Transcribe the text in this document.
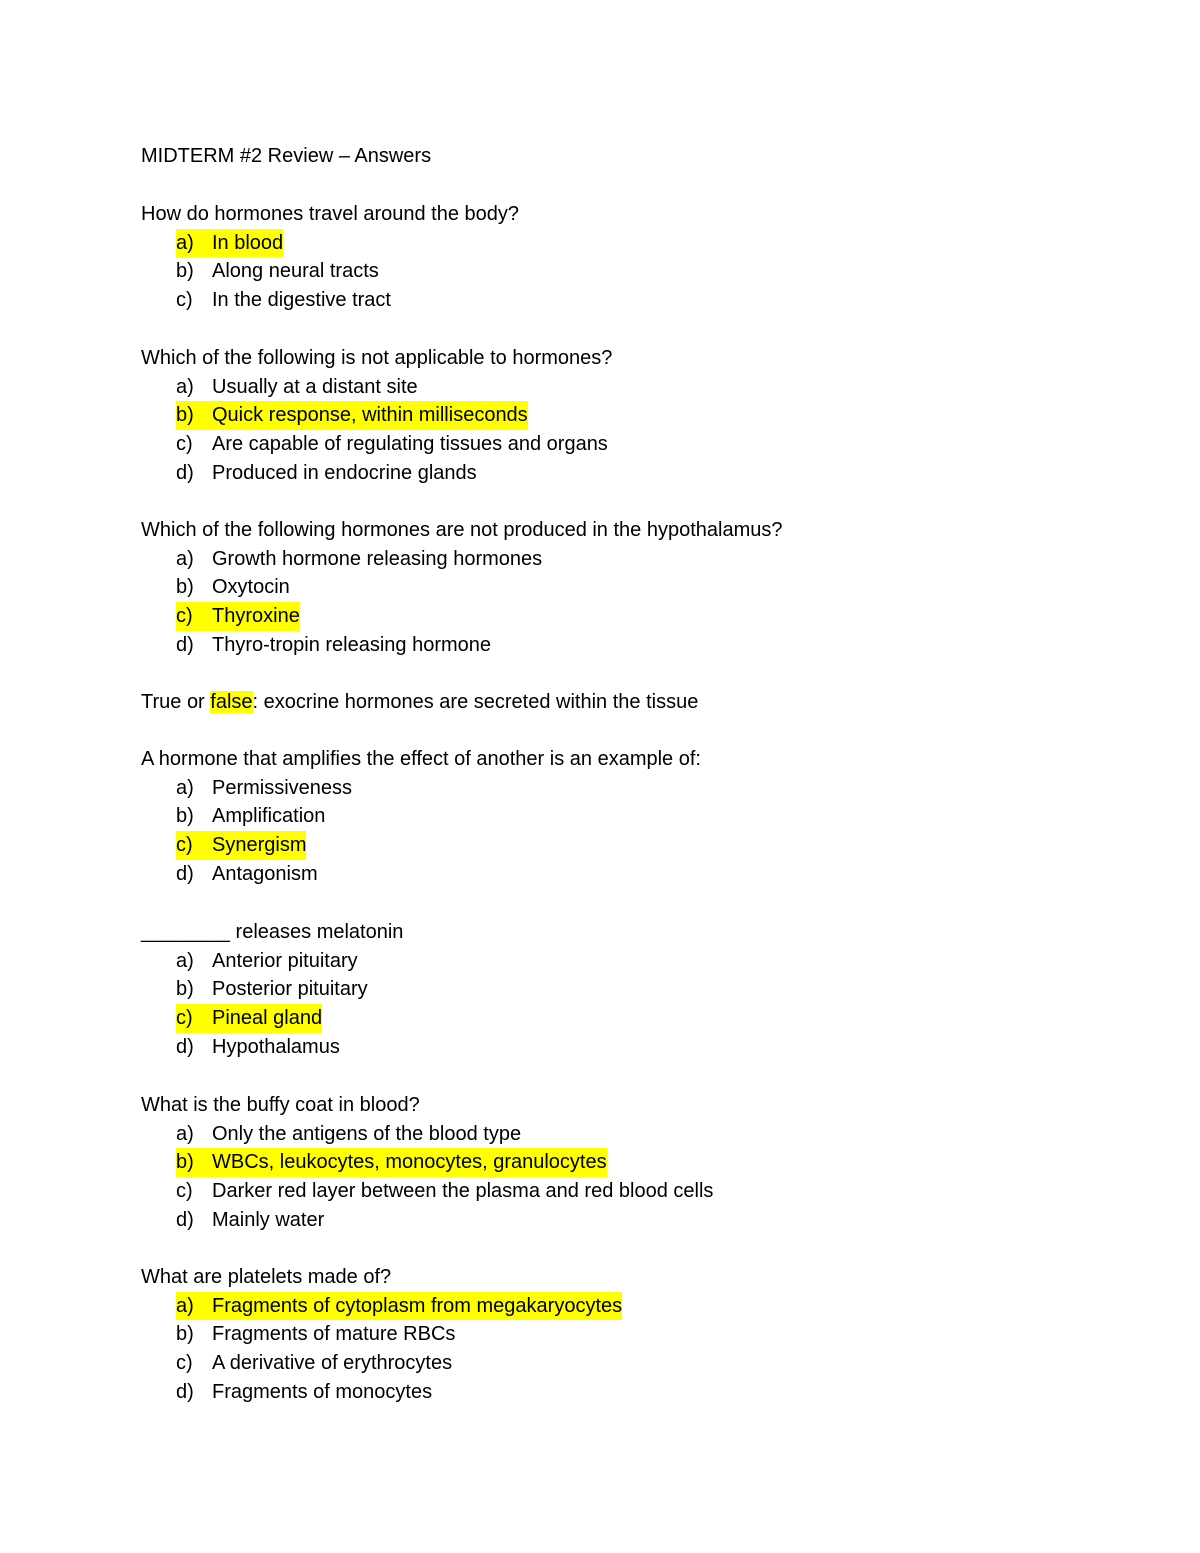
MIDTERM #2 Review – Answers
How do hormones travel around the body?
a) In blood
b) Along neural tracts
c) In the digestive tract
Which of the following is not applicable to hormones?
a) Usually at a distant site
b) Quick response, within milliseconds
c) Are capable of regulating tissues and organs
d) Produced in endocrine glands
Which of the following hormones are not produced in the hypothalamus?
a) Growth hormone releasing hormones
b) Oxytocin
c) Thyroxine
d) Thyro-tropin releasing hormone
True or false: exocrine hormones are secreted within the tissue
A hormone that amplifies the effect of another is an example of:
a) Permissiveness
b) Amplification
c) Synergism
d) Antagonism
________ releases melatonin
a) Anterior pituitary
b) Posterior pituitary
c) Pineal gland
d) Hypothalamus
What is the buffy coat in blood?
a) Only the antigens of the blood type
b) WBCs, leukocytes, monocytes, granulocytes
c) Darker red layer between the plasma and red blood cells
d) Mainly water
What are platelets made of?
a) Fragments of cytoplasm from megakaryocytes
b) Fragments of mature RBCs
c) A derivative of erythrocytes
d) Fragments of monocytes
